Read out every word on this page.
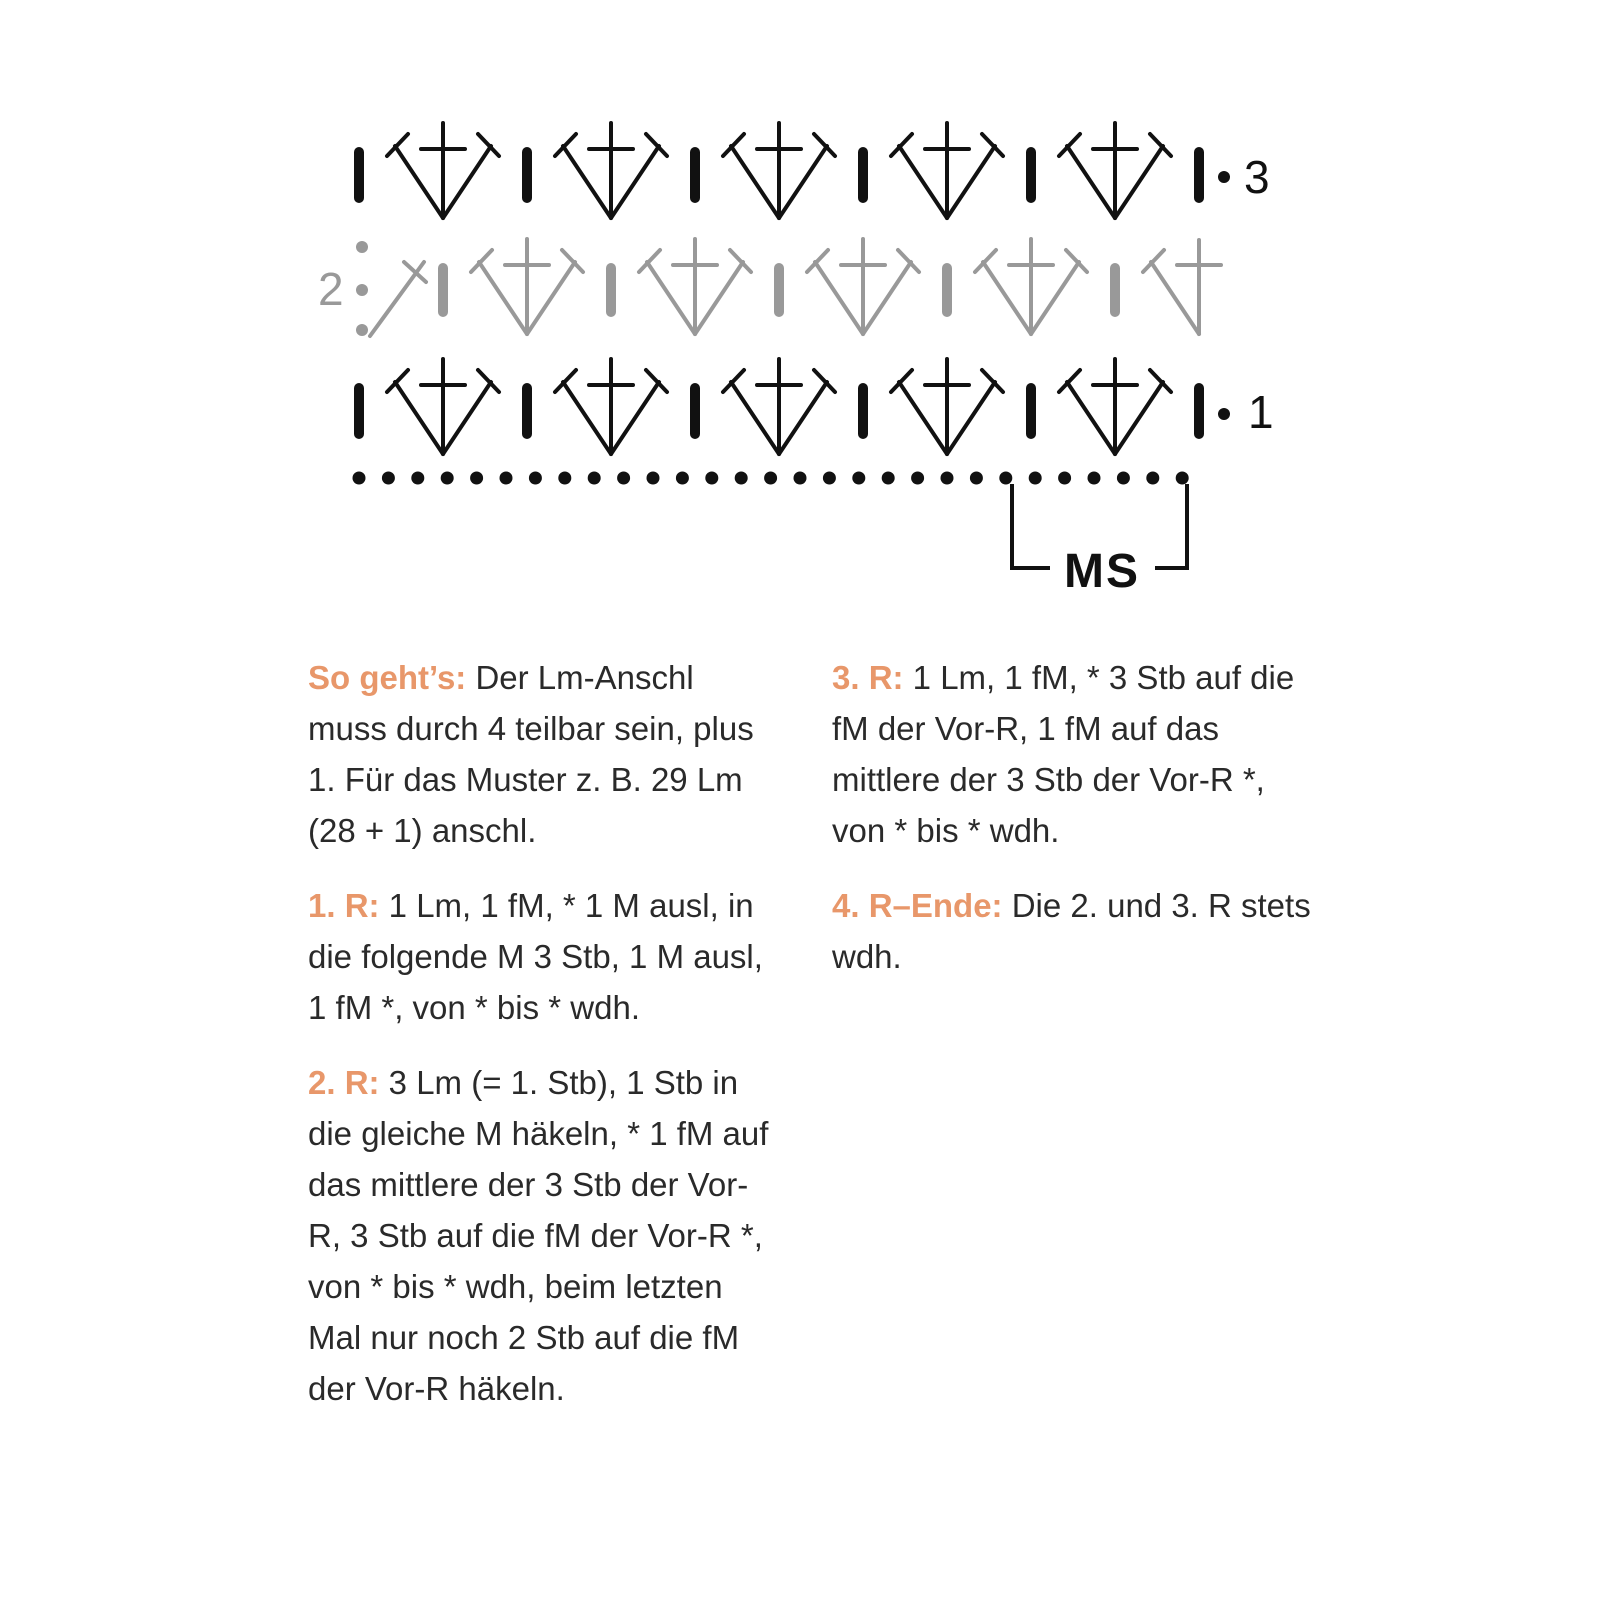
MS
3
2
1

So geht’s: Der Lm-Anschl muss durch 4 teilbar sein, plus 1. Für das Muster z. B. 29 Lm (28 + 1) anschl.

1. R: 1 Lm, 1 fM, * 1 M ausl, in die folgende M 3 Stb, 1 M ausl, 1 fM *, von * bis * wdh.

2. R: 3 Lm (= 1. Stb), 1 Stb in die gleiche M häkeln, * 1 fM auf das mittlere der 3 Stb der Vor-R, 3 Stb auf die fM der Vor-R *, von * bis * wdh, beim letzten Mal nur noch 2 Stb auf die fM der Vor-R häkeln.

3. R: 1 Lm, 1 fM, * 3 Stb auf die fM der Vor-R, 1 fM auf das mittlere der 3 Stb der Vor-R *, von * bis * wdh.

4. R–Ende: Die 2. und 3. R stets wdh.
